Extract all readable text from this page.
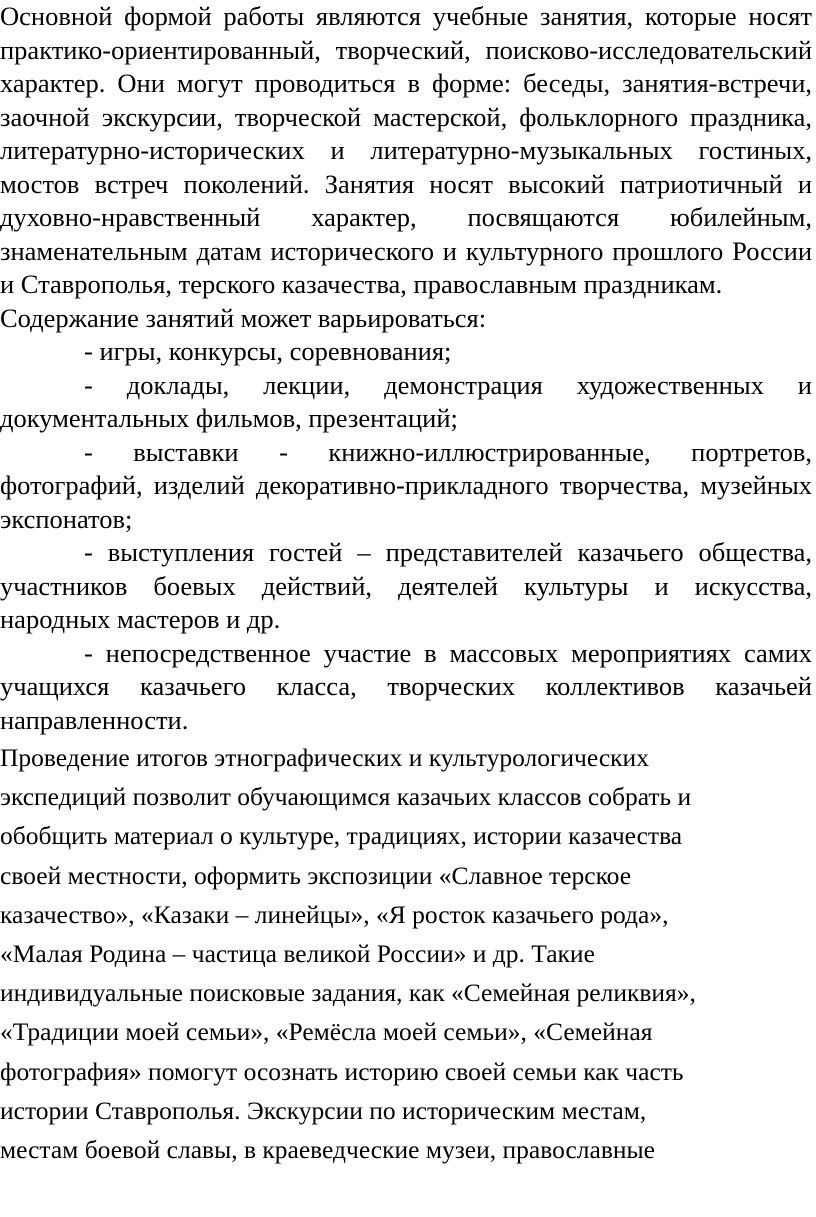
Основной формой работы являются учебные занятия, которые носят практико-ориентированный, творческий, поисково-исследовательский характер. Они могут проводиться в форме: беседы, занятия-встречи, заочной экскурсии, творческой мастерской, фольклорного праздника, литературно-исторических и литературно-музыкальных гостиных, мостов встреч поколений. Занятия носят высокий патриотичный и духовно-нравственный характер, посвящаются юбилейным, знаменательным датам исторического и культурного прошлого России и Ставрополья, терского казачества, православным праздникам.

Содержание занятий может варьироваться:

- игры, конкурсы, соревнования;

- доклады, лекции, демонстрация художественных и документальных фильмов, презентаций;

- выставки - книжно-иллюстрированные, портретов, фотографий, изделий декоративно-прикладного творчества, музейных экспонатов;

- выступления гостей – представителей казачьего общества, участников боевых действий, деятелей культуры и искусства, народных мастеров и др.

- непосредственное участие в массовых мероприятиях самих учащихся казачьего класса, творческих коллективов казачьей направленности.

Проведение итогов этнографических и культурологических
экспедиций позволит обучающимся казачьих классов собрать и
обобщить материал о культуре, традициях, истории казачества
своей местности, оформить экспозиции «Славное терское
казачество», «Казаки – линейцы», «Я росток казачьего рода»,
«Малая Родина – частица великой России» и др. Такие
индивидуальные поисковые задания, как «Семейная реликвия»,
«Традиции моей семьи», «Ремёсла моей семьи», «Семейная
фотография» помогут осознать историю своей семьи как часть
истории Ставрополья. Экскурсии по историческим местам,
местам боевой славы, в краеведческие музеи, православные
